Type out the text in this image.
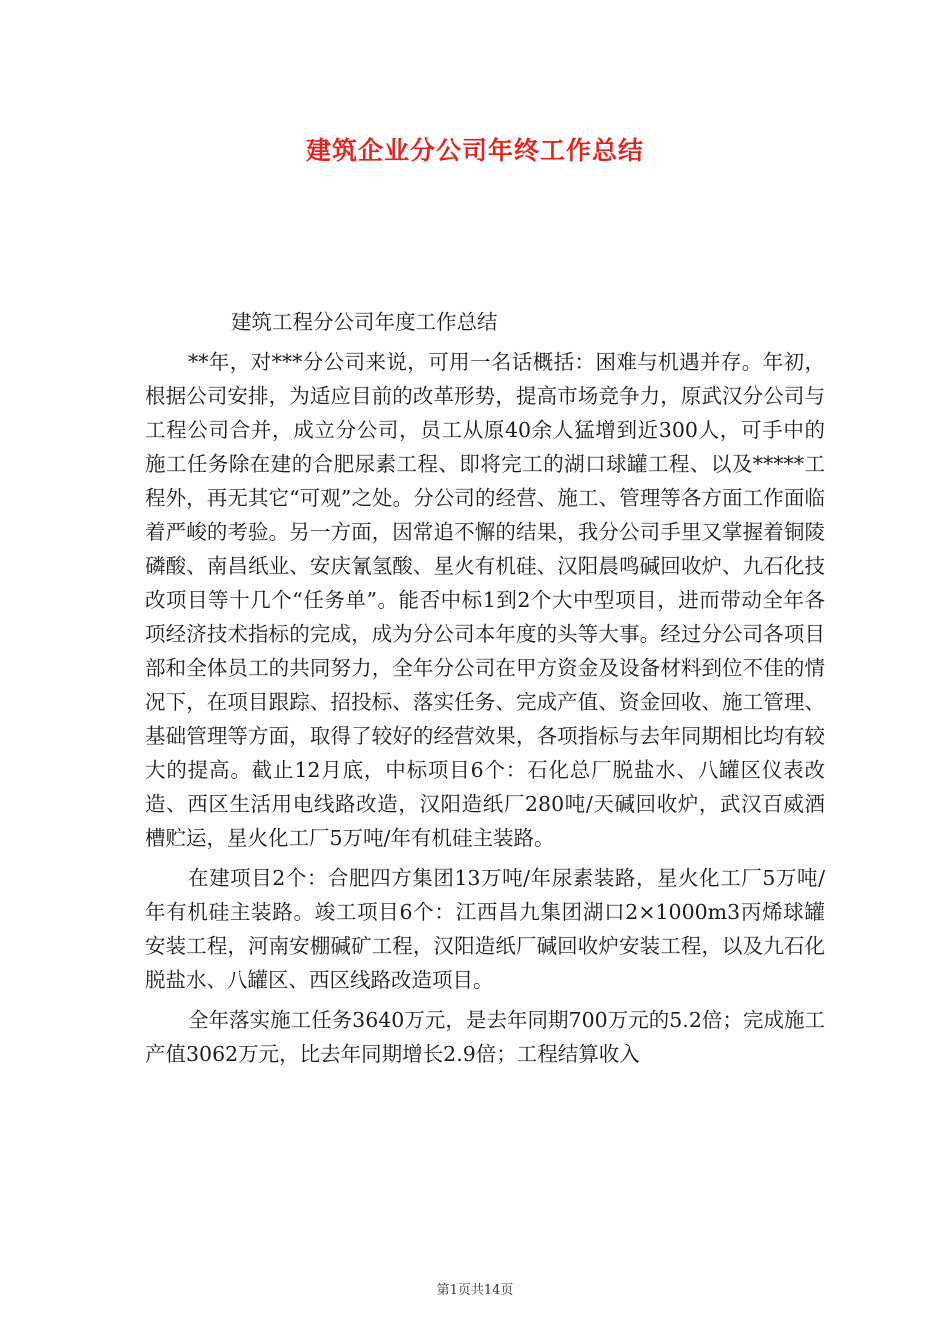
建筑企业分公司年终工作总结

建筑工程分公司年度工作总结

**年，对***分公司来说，可用一名话概括：困难与机遇并存。年初，根据公司安排，为适应目前的改革形势，提高市场竞争力，原武汉分公司与工程公司合并，成立分公司，员工从原40余人猛增到近300人，可手中的施工任务除在建的合肥尿素工程、即将完工的湖口球罐工程、以及*****工程外，再无其它“可观”之处。分公司的经营、施工、管理等各方面工作面临着严峻的考验。另一方面，因常追不懈的结果，我分公司手里又掌握着铜陵磷酸、南昌纸业、安庆氰氢酸、星火有机硅、汉阳晨鸣碱回收炉、九石化技改项目等十几个“任务单”。能否中标1到2个大中型项目，进而带动全年各项经济技术指标的完成，成为分公司本年度的头等大事。经过分公司各项目部和全体员工的共同努力，全年分公司在甲方资金及设备材料到位不佳的情况下，在项目跟踪、招投标、落实任务、完成产值、资金回收、施工管理、基础管理等方面，取得了较好的经营效果，各项指标与去年同期相比均有较大的提高。截止12月底，中标项目6个：石化总厂脱盐水、八罐区仪表改造、西区生活用电线路改造，汉阳造纸厂280吨/天碱回收炉，武汉百威酒槽贮运，星火化工厂5万吨/年有机硅主装路。

在建项目2个：合肥四方集团13万吨/年尿素装路，星火化工厂5万吨/年有机硅主装路。竣工项目6个：江西昌九集团湖口2×1000m3丙烯球罐安装工程，河南安棚碱矿工程，汉阳造纸厂碱回收炉安装工程，以及九石化脱盐水、八罐区、西区线路改造项目。

全年落实施工任务3640万元，是去年同期700万元的5.2倍；完成施工产值3062万元，比去年同期增长2.9倍；工程结算收入

第1页共14页
